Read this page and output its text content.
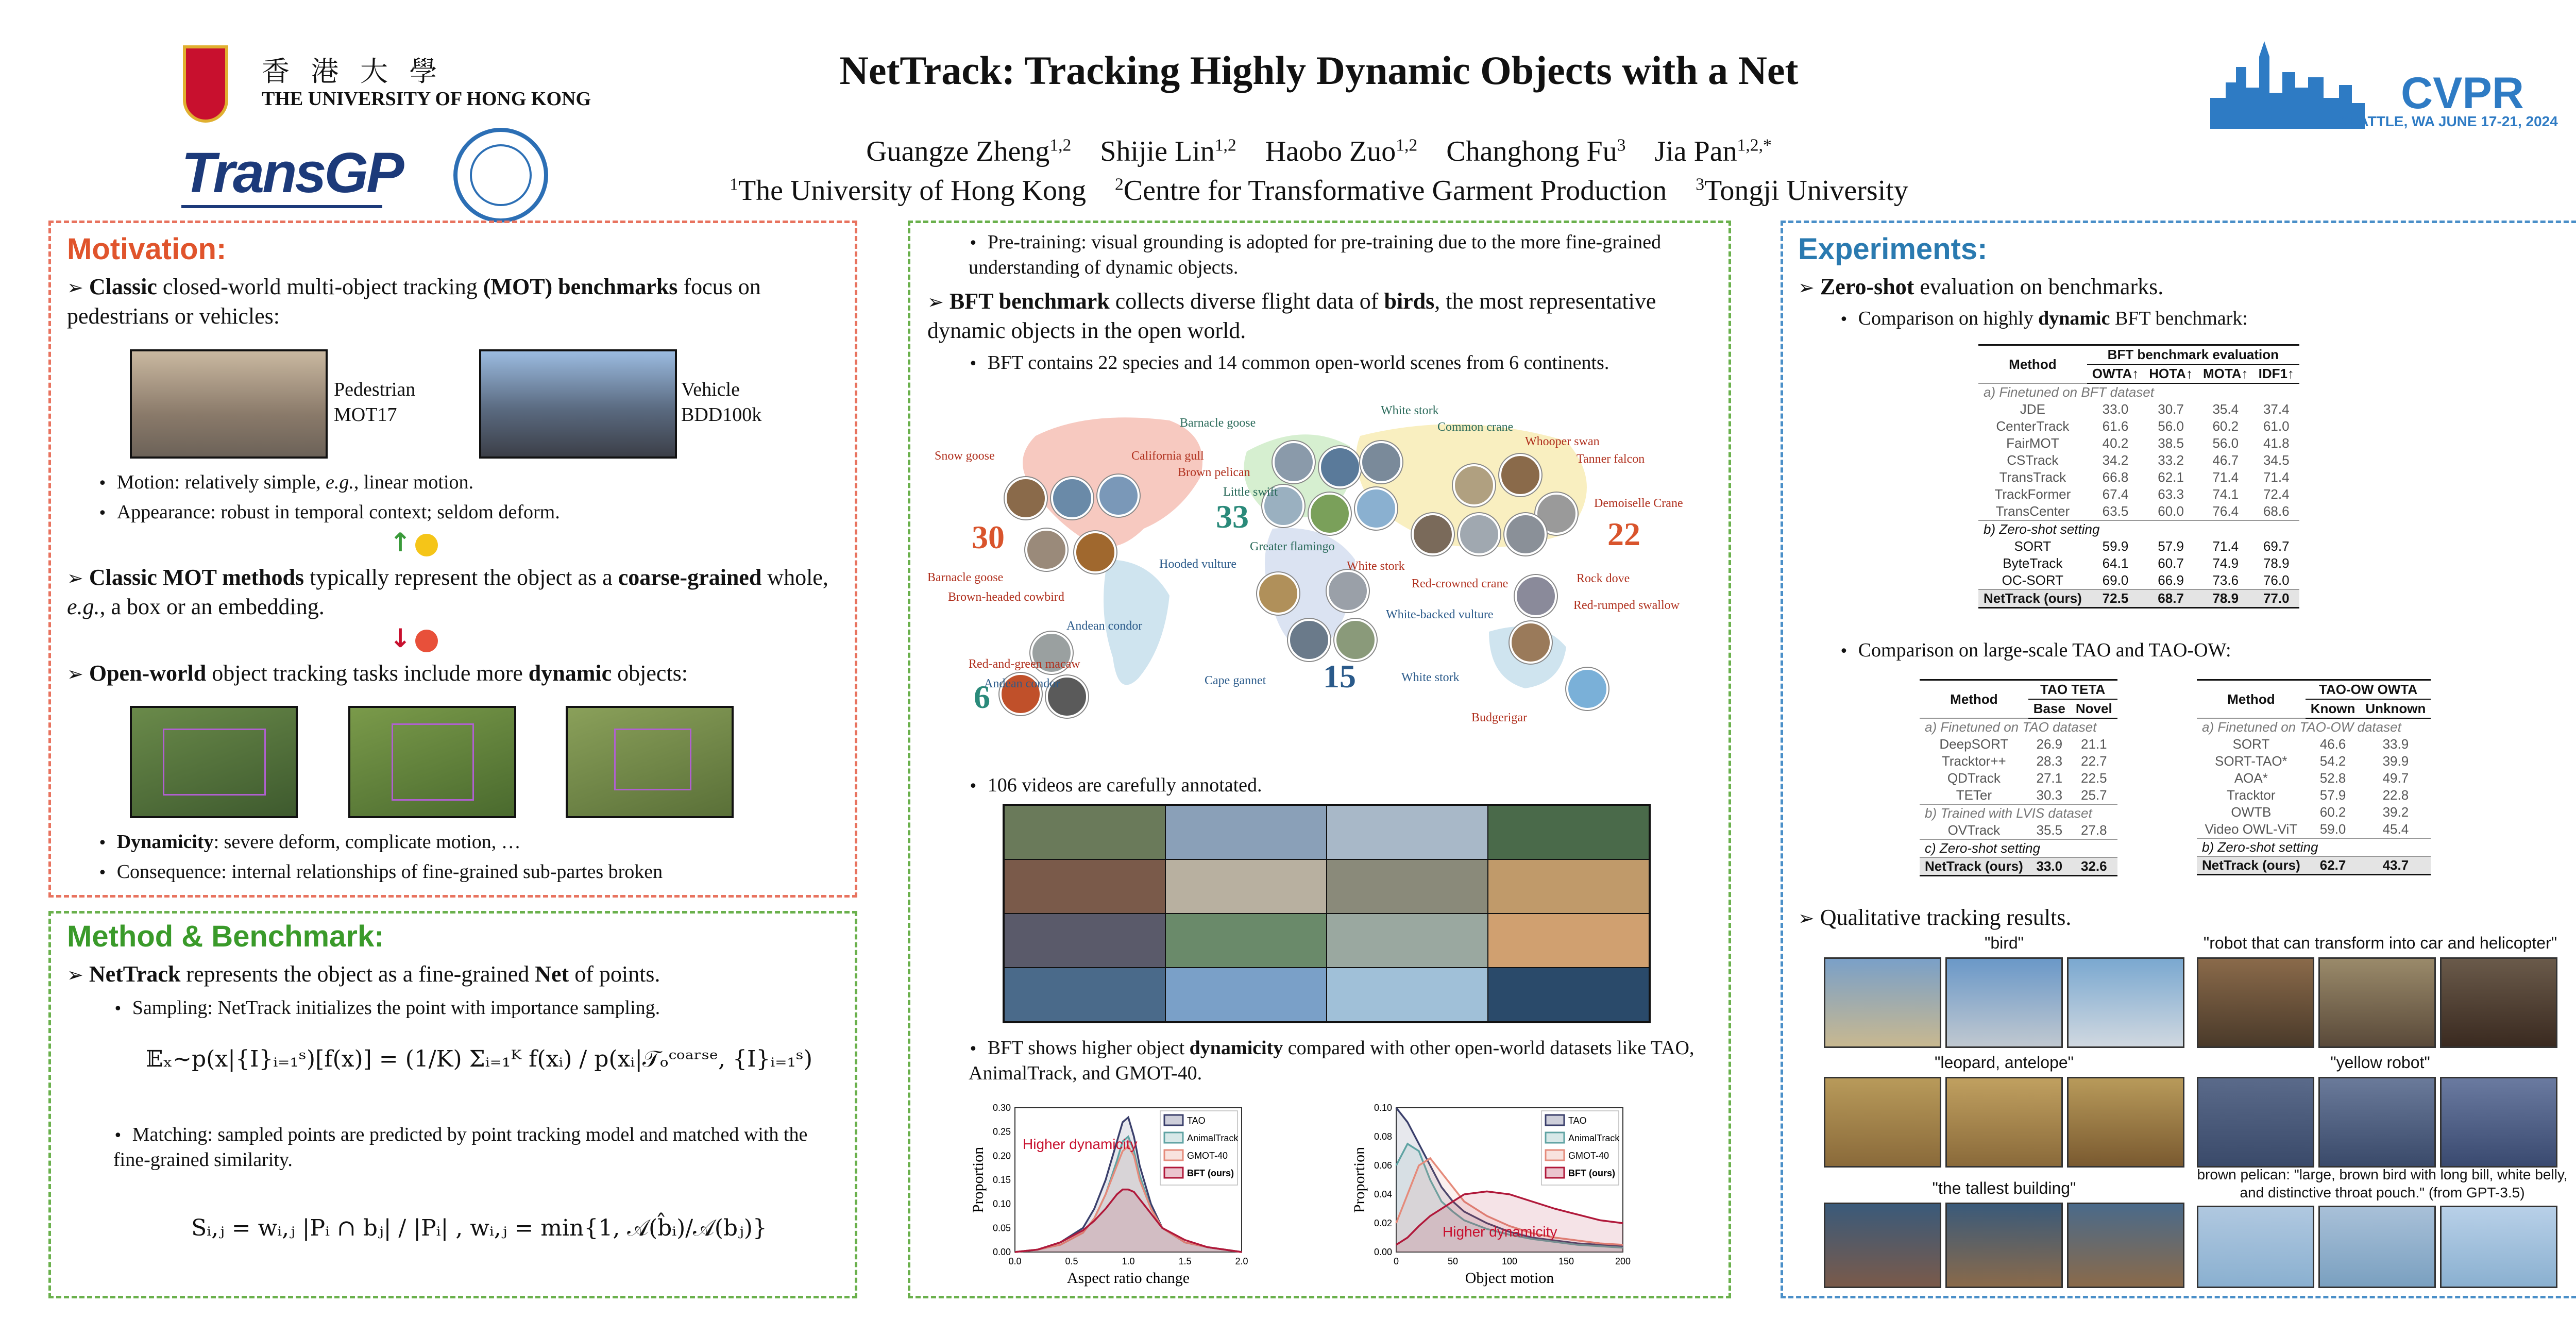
香 港 大 學
THE UNIVERSITY OF HONG KONG
TransGP
NetTrack: Tracking Highly Dynamic Objects with a Net
Guangze Zheng$^{1,2}$ Shijie Lin$^{1,2}$ Haobo Zuo$^{1,2}$ Changhong Fu$^3$ Jia Pan$^{1,2,*}$
$^1$The University of Hong Kong $^2$Centre for Transformative Garment Production $^3$Tongji University
CVPR
SEATTLE, WA JUNE 17-21, 2024
Motivation:
➢ Classic closed-world multi-object tracking (MOT) benchmarks focus on pedestrians or vehicles:
Pedestrian
MOT17
Vehicle
BDD100k
• Motion: relatively simple, e.g., linear motion.
• Appearance: robust in temporal context; seldom deform.
↑
➢ Classic MOT methods typically represent the object as a coarse-grained whole, e.g., a box or an embedding.
↓
➢ Open-world object tracking tasks include more dynamic objects:
• Dynamicity: severe deform, complicate motion, …
• Consequence: internal relationships of fine-grained sub-partes broken
Method & Benchmark:
➢ NetTrack represents the object as a fine-grained Net of points.
• Sampling: NetTrack initializes the point with importance sampling.
𝔼ₓ∼p(x|{I}ᵢ₌₁ˢ)[f(x)] = (1/K) Σᵢ₌₁ᴷ f(xᵢ) / p(xᵢ|𝒯ₒᶜᵒᵃʳˢᵉ, {I}ᵢ₌₁ˢ)
• Matching: sampled points are predicted by point tracking model and matched with the fine-grained similarity.
Sᵢ,ⱼ = wᵢ,ⱼ |Pᵢ ∩ bⱼ| / |Pᵢ| , wᵢ,ⱼ = min{1, 𝒜(b̂ᵢ)/𝒜(bⱼ)}
• Pre-training: visual grounding is adopted for pre-training due to the more fine-grained understanding of dynamic objects.
➢ BFT benchmark collects diverse flight data of birds, the most representative dynamic objects in the open world.
• BFT contains 22 species and 14 common open-world scenes from 6 continents.
30
33	22
6
15
Barnacle goose
White stork
Common crane
Whooper swan
Tanner falcon
Snow goose	California gull
Brown pelican
Little swift
Demoiselle Crane
Greater flamingo
Hooded vulture	White stork
Red-crowned crane	Rock dove
Barnacle goose
Brown-headed cowbird
White-backed vulture
Red-rumped swallow
Andean condor
Red-and-green macaw
Andean condor	Cape gannet	White stork
Budgerigar
• 106 videos are carefully annotated.
• BFT shows higher object dynamicity compared with other open-world datasets like TAO, AnimalTrack, and GMOT-40.
0.00
0.05
0.10
0.15
0.20
0.25
0.30
0.0	0.5	1.0	1.5	2.0
Aspect ratio change
Proportion
TAO
AnimalTrack
GMOT-40
BFT (ours)
Higher dynamicity
0.00
0.02
0.04
0.06
0.08
0.10
0	50	100	150	200
Object motion
Proportion
TAO
AnimalTrack
GMOT-40
BFT (ours)
Higher dynamicity
Experiments:
➢ Zero-shot evaluation on benchmarks.
• Comparison on highly dynamic BFT benchmark:
Method	BFT benchmark evaluation			
	OWTA↑	HOTA↑	MOTA↑	IDF1↑
a) Finetuned on BFT dataset				
JDE	33.0	30.7	35.4	37.4
CenterTrack	61.6	56.0	60.2	61.0
FairMOT	40.2	38.5	56.0	41.8
CSTrack	34.2	33.2	46.7	34.5
TransTrack	66.8	62.1	71.4	71.4
TrackFormer	67.4	63.3	74.1	72.4
TransCenter	63.5	60.0	76.4	68.6
b) Zero-shot setting				
SORT	59.9	57.9	71.4	69.7
ByteTrack	64.1	60.7	74.9	78.9
OC-SORT	69.0	66.9	73.6	76.0
NetTrack (ours)	72.5	68.7	78.9	77.0
• Comparison on large-scale TAO and TAO-OW:
Method	TAO TETA	
	Base	Novel
a) Finetuned on TAO dataset		
DeepSORT	26.9	21.1
Tracktor++	28.3	22.7
QDTrack	27.1	22.5
TETer	30.3	25.7
b) Trained with LVIS dataset		
OVTrack	35.5	27.8
c) Zero-shot setting		
NetTrack (ours)	33.0	32.6
Method	TAO-OW OWTA	
	Known	Unknown
a) Finetuned on TAO-OW dataset		
SORT	46.6	33.9
SORT-TAO*	54.2	39.9
AOA*	52.8	49.7
Tracktor	57.9	22.8
OWTB	60.2	39.2
Video OWL-ViT	59.0	45.4
b) Zero-shot setting		
NetTrack (ours)	62.7	43.7
➢ Qualitative tracking results.
"bird"	"robot that can transform into car and helicopter"
"leopard, antelope"	"yellow robot"
"the tallest building"
brown pelican: "large, brown bird with long bill, white belly, and distinctive throat pouch." (from GPT-3.5)
